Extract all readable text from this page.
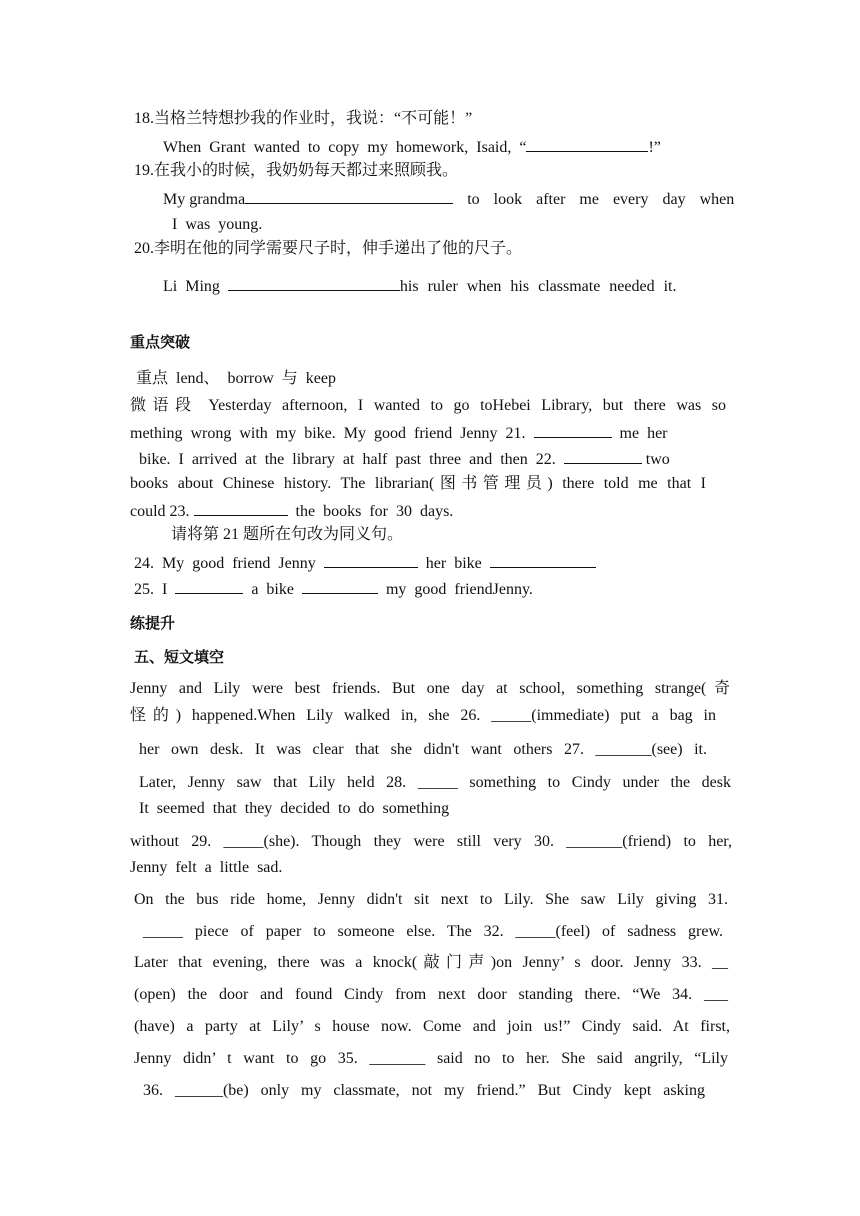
18.当格兰特想抄我的作业时，我说：“不可能！”
When Grant wanted to copy my homework, Isaid, “	!”
19.在我小的时候，我奶奶每天都过来照顾我。
My grandma	to look after me every day when
I was young.
20.李明在他的同学需要尺子时，伸手递出了他的尺子。
Li Ming	his ruler when his classmate needed it.
重点突破
重点 lend、 borrow 与 keep
微语段 Yesterday afternoon, I wanted to go toHebei Library, but there was so
mething wrong with my bike. My good friend Jenny 21.	me her
bike. I arrived at the library at half past three and then 22.	two
books about Chinese history. The librarian(图书管理员) there told me that I
could 23.	the books for 30 days.
请将第 21 题所在句改为同义句。
24. My good friend Jenny	her bike
25. I	a bike	my good friendJenny.
练提升
五、短文填空
Jenny and Lily were best friends. But one day at school, something strange(奇
怪的) happened.When Lily walked in, she 26. _____(immediate) put a bag in
her own desk. It was clear that she didn't want others 27. _______(see) it.
Later, Jenny saw that Lily held 28. _____ something to Cindy under the desk
It seemed that they decided to do something
without 29. _____(she). Though they were still very 30. _______(friend) to her,
Jenny felt a little sad.
On the bus ride home, Jenny didn't sit next to Lily. She saw Lily giving 31.
_____ piece of paper to someone else. The 32. _____(feel) of sadness grew.
Later that evening, there was a knock(敲门声)on Jenny’ s door. Jenny 33. __
(open) the door and found Cindy from next door standing there. “We 34. ___
(have) a party at Lily’ s house now. Come and join us!” Cindy said. At first,
Jenny didn’ t want to go 35. _______ said no to her. She said angrily, “Lily
36. ______(be) only my classmate, not my friend.” But Cindy kept asking
